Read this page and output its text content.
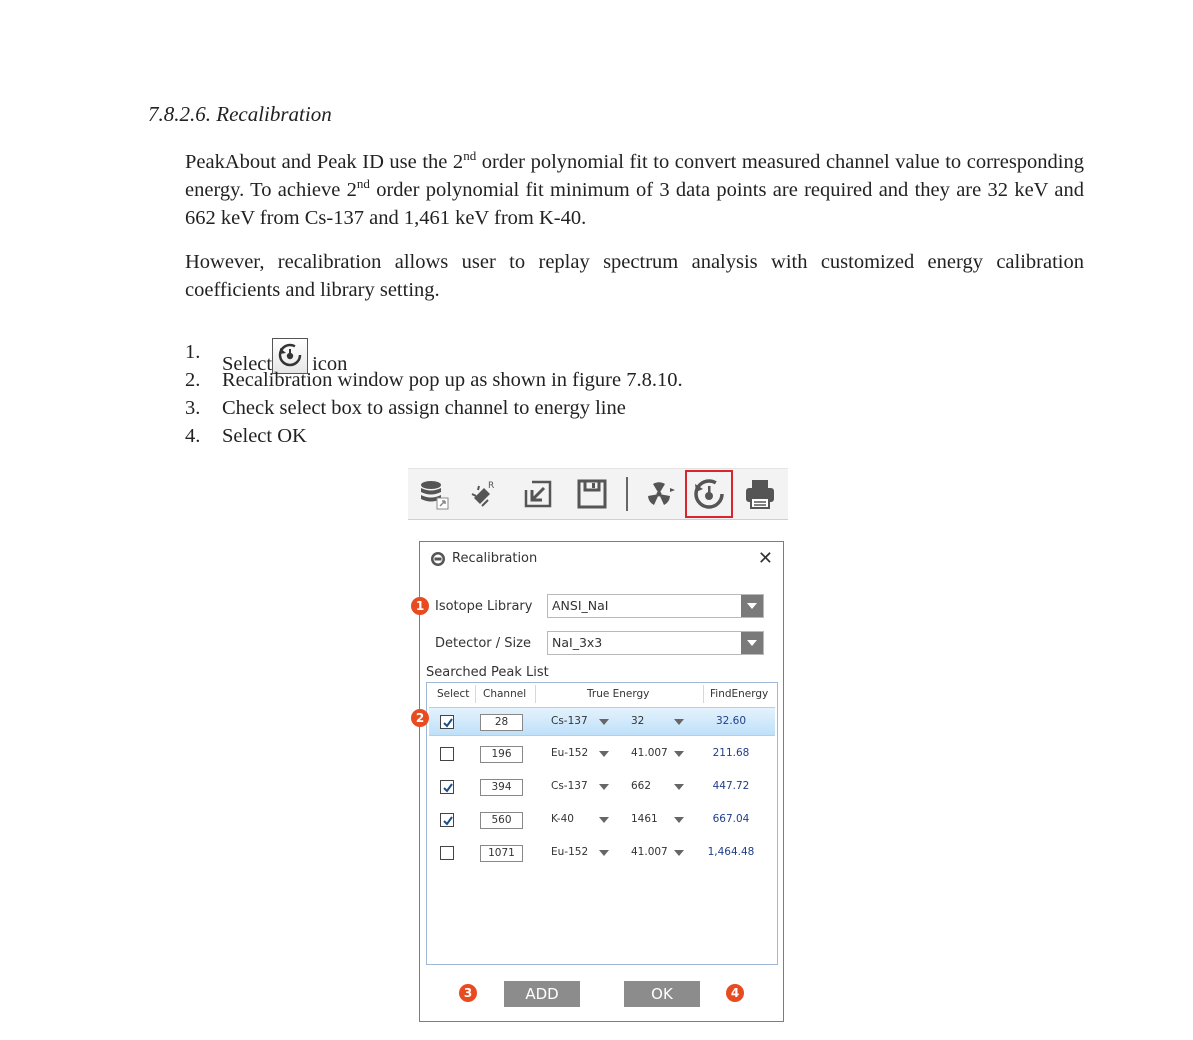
7.8.2.6. Recalibration
PeakAbout and Peak ID use the 2nd order polynomial fit to convert measured channel value to corresponding energy. To achieve 2nd order polynomial fit minimum of 3 data points are required and they are 32 keV and 662 keV from Cs-137 and 1,461 keV from K-40.
However, recalibration allows user to replay spectrum analysis with customized energy calibration coefficients and library setting.
1.
Select icon
2.	Recalibration window pop up as shown in figure 7.8.10.
3.	Check select box to assign channel to energy line
4.	Select OK
R
Recalibration	✕
Isotope Library	ANSI_NaI
Detector / Size	NaI_3x3
Searched Peak List
Select Channel	True Energy	FindEnergy
28	Cs-137	32	32.60
196	Eu-152	41.007	211.68
394	Cs-137	662	447.72
560	K-40	1461	667.04
1071	Eu-152	41.007	1,464.48
ADD	OK
1
2
3	4
